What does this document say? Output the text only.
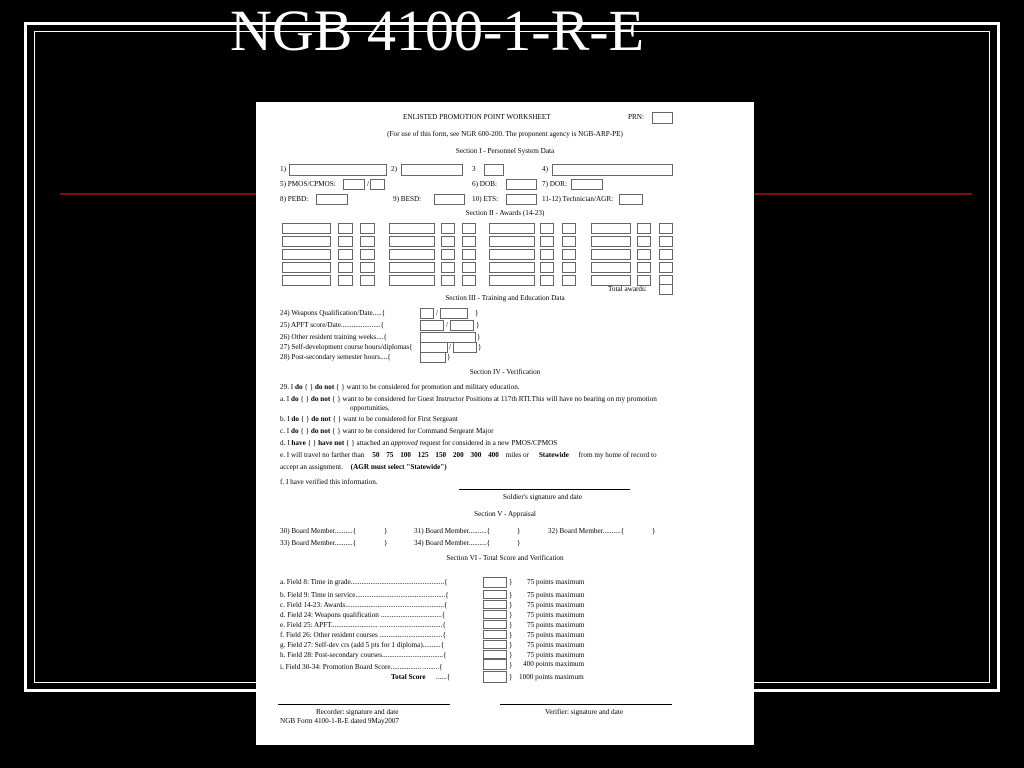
NGB 4100-1-R-E
ENLISTED PROMOTION POINT WORKSHEET	PRN:
(For use of this form, see NGR 600-200. The proponent agency is NGB-ARP-PE)
Section I - Personnel System Data
1)	2)	3	4)
5) PMOS/CPMOS:	/	6) DOB:	7) DOR:
8) PEBD:	9) BESD:	10) ETS:	11-12) Technician/AGR:
Section II - Awards (14-23)
Total awards:
Section III - Training and Education Data
24) Weapons Qualification/Date.....{	/	}
25) APFT score/Date......................{	/	}
26) Other resident training weeks....{	}
27) Self-development course hours/diplomas{	/	}
28) Post-secondary semester hours....{	}
Section IV - Verification
29. I do { } do not { } want to be considered for promotion and military education.
a. I do { } do not { } want to be considered for Guest Instructor Positions at 117th RTI.This will have no bearing on my promotion
opportunities.
b. I do { } do not { } want to be considered for First Sergeant
c. I do { } do not { } want to be considered for Command Sergeant Major
d. I have { } have not { } attached an approved request for considered in a new PMOS/CPMOS
e. I will travel no farther than 50 75 100 125 150 200 300 400 miles or Statewide from my home of record to
accept an assignment. (AGR must select "Statewide")
f. I have verified this information.
Soldier's signature and date
Section V - Appraisal
30) Board Member..........{	}	31) Board Member..........{	}	32) Board Member..........{	}
33) Board Member..........{	}	34) Board Member..........{	}
Section VI - Total Score and Verification
a. Field 8: Time in grade....................................................{	} 75 points maximum
b. Field 9: Time in service..................................................{	} 75 points maximum
c. Field 14-23: Awards.......................................................{	} 75 points maximum
d. Field 24: Weapons qualification ..................................{	} 75 points maximum
e. Field 25: APFT.......................... ...................................{	} 75 points maximum
f. Field 26: Other resident courses ...................................{	} 75 points maximum
g. Field 27: Self-dev crs (add 5 pts for 1 diploma)..........{	} 75 points maximum
h. Field 28: Post-secondary courses..................................{	} 75 points maximum
i. Field 30-34: Promotion Board Score................. .........{	} 400 points maximum
Total Score ......{	} 1000 points maximum
Recorder: signature and date	Verifier: signature and date
NGB Form 4100-1-R-E dated 9May2007
